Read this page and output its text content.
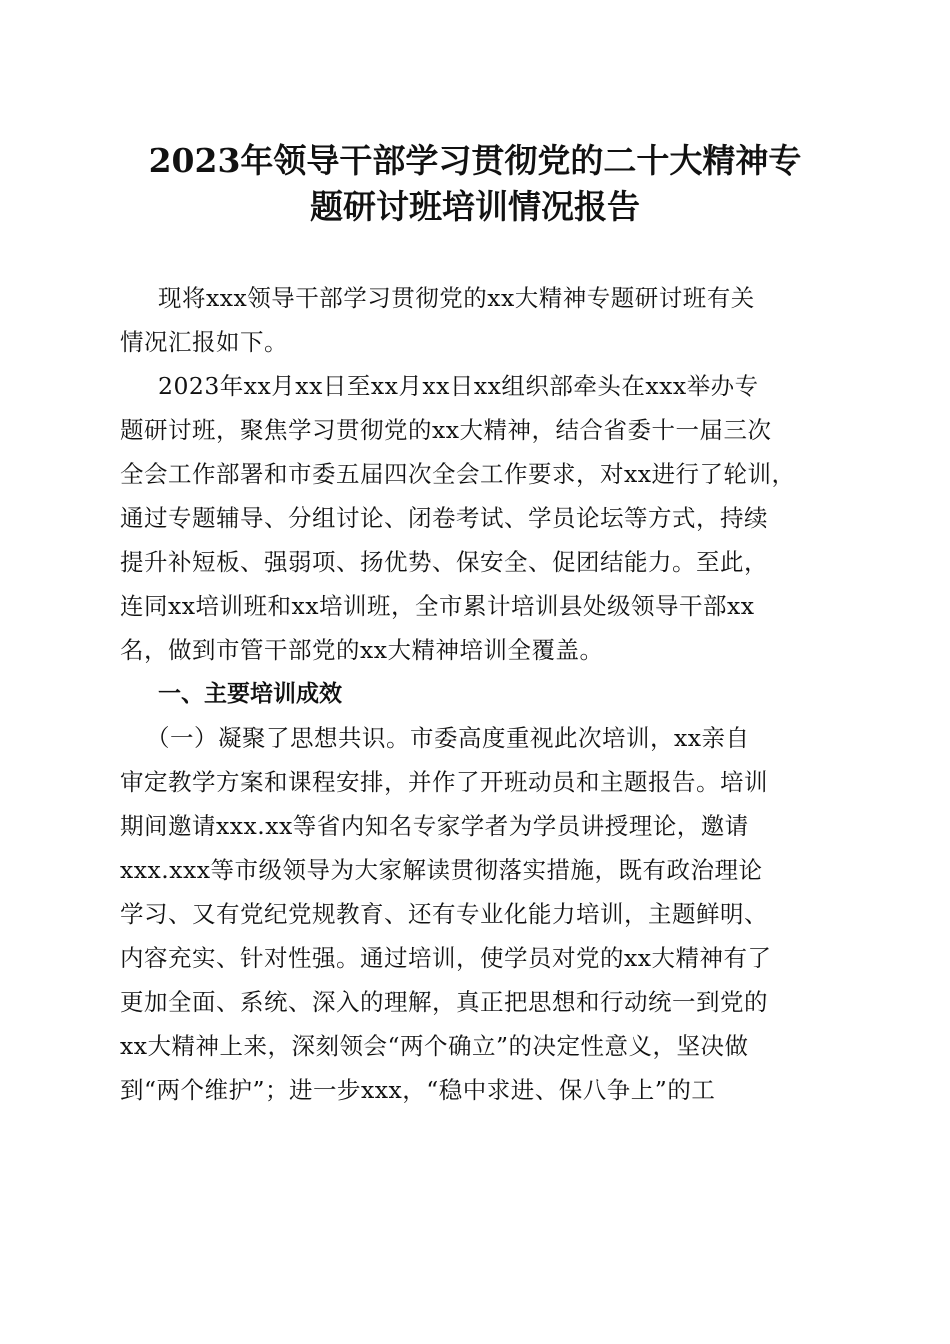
2023年领导干部学习贯彻党的二十大精神专
题研讨班培训情况报告
现将xxx领导干部学习贯彻党的xx大精神专题研讨班有关
情况汇报如下。
2023年xx月xx日至xx月xx日xx组织部牵头在xxx举办专
题研讨班，聚焦学习贯彻党的xx大精神，结合省委十一届三次
全会工作部署和市委五届四次全会工作要求，对xx进行了轮训，
通过专题辅导、分组讨论、闭卷考试、学员论坛等方式，持续
提升补短板、强弱项、扬优势、保安全、促团结能力。至此，
连同xx培训班和xx培训班，全市累计培训县处级领导干部xx
名，做到市管干部党的xx大精神培训全覆盖。
一、主要培训成效
（一）凝聚了思想共识。市委高度重视此次培训，xx亲自
审定教学方案和课程安排，并作了开班动员和主题报告。培训
期间邀请xxx.xx等省内知名专家学者为学员讲授理论，邀请
xxx.xxx等市级领导为大家解读贯彻落实措施，既有政治理论
学习、又有党纪党规教育、还有专业化能力培训，主题鲜明、
内容充实、针对性强。通过培训，使学员对党的xx大精神有了
更加全面、系统、深入的理解，真正把思想和行动统一到党的
xx大精神上来，深刻领会“两个确立”的决定性意义，坚决做
到“两个维护”；进一步xxx，“稳中求进、保八争上”的工
